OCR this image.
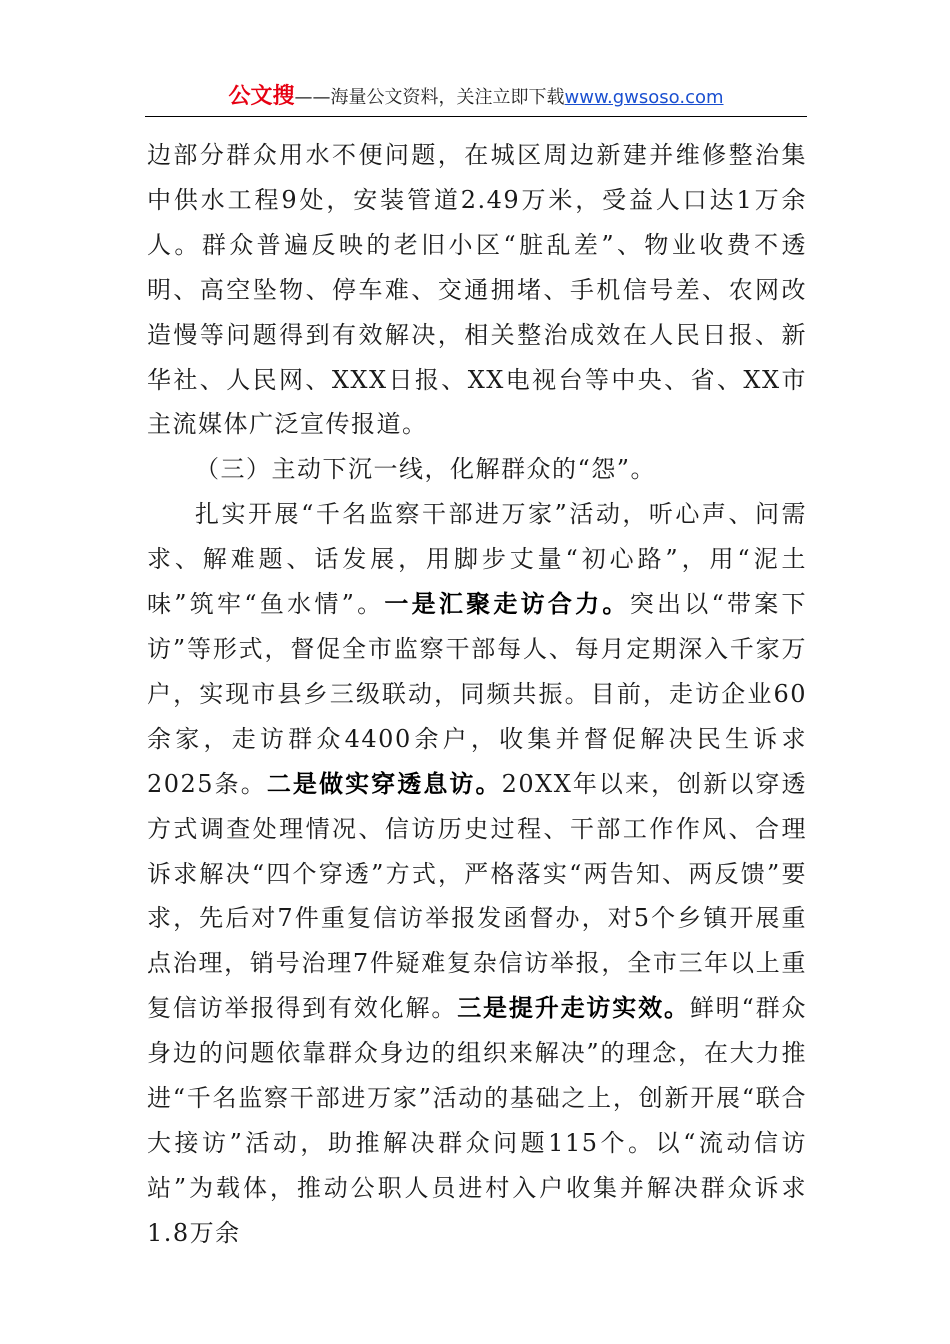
公文搜——海量公文资料，关注立即下载www.gwsoso.com

边部分群众用水不便问题，在城区周边新建并维修整治集中供水工程9处，安装管道2.49万米，受益人口达1万余人。群众普遍反映的老旧小区“脏乱差”、物业收费不透明、高空坠物、停车难、交通拥堵、手机信号差、农网改造慢等问题得到有效解决，相关整治成效在人民日报、新华社、人民网、XXX日报、XX电视台等中央、省、XX市主流媒体广泛宣传报道。

（三）主动下沉一线，化解群众的“怨”。

扎实开展“千名监察干部进万家”活动，听心声、问需求、解难题、话发展，用脚步丈量“初心路”，用“泥土味”筑牢“鱼水情”。一是汇聚走访合力。突出以“带案下访”等形式，督促全市监察干部每人、每月定期深入千家万户，实现市县乡三级联动，同频共振。目前，走访企业60余家，走访群众4400余户，收集并督促解决民生诉求2025条。二是做实穿透息访。20XX年以来，创新以穿透方式调查处理情况、信访历史过程、干部工作作风、合理诉求解决“四个穿透”方式，严格落实“两告知、两反馈”要求，先后对7件重复信访举报发函督办，对5个乡镇开展重点治理，销号治理7件疑难复杂信访举报，全市三年以上重复信访举报得到有效化解。三是提升走访实效。鲜明“群众身边的问题依靠群众身边的组织来解决”的理念，在大力推进“千名监察干部进万家”活动的基础之上，创新开展“联合大接访”活动，助推解决群众问题115个。以“流动信访站”为载体，推动公职人员进村入户收集并解决群众诉求1.8万余
